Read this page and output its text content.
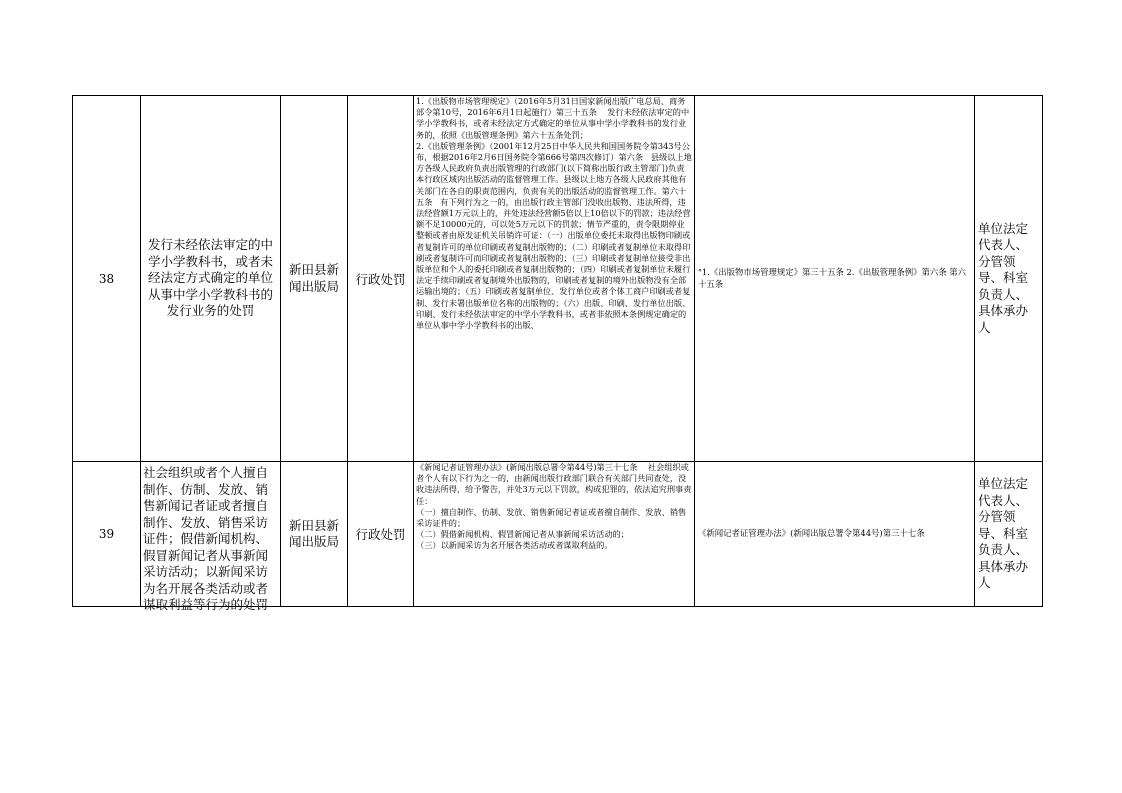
38	发行未经依法审定的中学小学教科书，或者未经法定方式确定的单位从事中学小学教科书的发行业务的处罚	新田县新闻出版局	行政处罚	1.《出版物市场管理规定》（2016年5月31日国家新闻出版广电总局、商务部令第10号，2016年6月1日起施行）第三十五条    发行未经依法审定的中学小学教科书，或者未经法定方式确定的单位从事中学小学教科书的发行业务的，依照《出版管理条例》第六十五条处罚；

2.《出版管理条例》（2001年12月25日中华人民共和国国务院令第343号公布，根据2016年2月6日国务院令第666号第四次修订）第六条   县级以上地方各级人民政府负责出版管理的行政部门(以下简称出版行政主管部门)负责本行政区域内出版活动的监督管理工作。县级以上地方各级人民政府其他有关部门在各自的职责范围内，负责有关的出版活动的监督管理工作。第六十五条   有下列行为之一的，由出版行政主管部门没收出版物、违法所得，违法经营额1万元以上的，并处违法经营额5倍以上10倍以下的罚款；违法经营额不足10000元的，可以处5万元以下的罚款；情节严重的，责令限期停业整顿或者由原发证机关吊销许可证：（一）出版单位委托未取得出版物印刷或者复制许可的单位印刷或者复制出版物的；（二）印刷或者复制单位未取得印刷或者复制许可而印刷或者复制出版物的；（三）印刷或者复制单位接受非出版单位和个人的委托印刷或者复制出版物的；（四）印刷或者复制单位未履行法定手续印刷或者复制境外出版物的，印刷或者复制的境外出版物没有全部运输出境的；（五）印刷或者复制单位、发行单位或者个体工商户印刷或者复制、发行未署出版单位名称的出版物的；（六）出版、印刷、发行单位出版、印刷、发行未经依法审定的中学小学教科书，或者非依照本条例规定确定的单位从事中学小学教科书的出版、	"1.《出版物市场管理规定》第三十五条 2.《出版管理条例》第六条 第六十五条	单位法定代表人、分管领导、科室负责人、具体承办人
39	社会组织或者个人擅自制作、仿制、发放、销售新闻记者证或者擅自制作、发放、销售采访证件；假借新闻机构、假冒新闻记者从事新闻采访活动；以新闻采访为名开展各类活动或者谋取利益等行为的处罚	新田县新闻出版局	行政处罚	《新闻记者证管理办法》(新闻出版总署令第44号)第三十七条    社会组织或者个人有以下行为之一的，由新闻出版行政部门联合有关部门共同查处，没收违法所得，给予警告，并处3万元以下罚款，构成犯罪的，依法追究刑事责任：

（一）擅自制作、仿制、发放、销售新闻记者证或者擅自制作、发放、销售采访证件的；

（二）假借新闻机构、假冒新闻记者从事新闻采访活动的；

（三）以新闻采访为名开展各类活动或者谋取利益的。	《新闻记者证管理办法》(新闻出版总署令第44号)第三十七条	单位法定代表人、分管领导、科室负责人、具体承办人
